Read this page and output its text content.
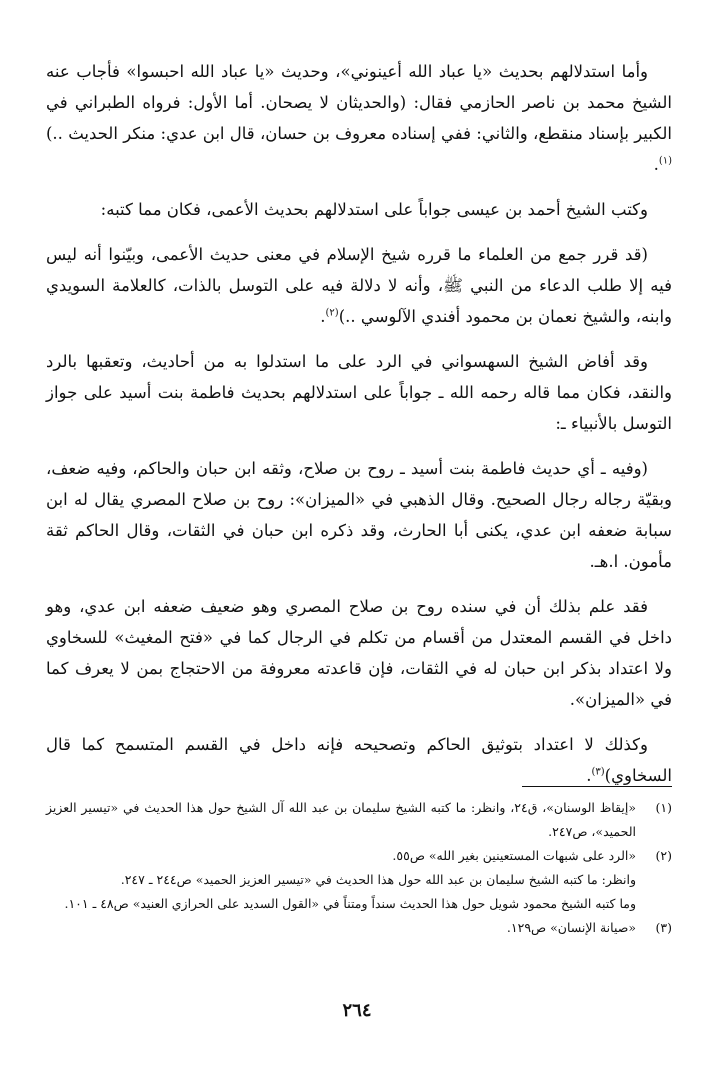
وأما استدلالهم بحديث «يا عباد الله أعينوني»، وحديث «يا عباد الله احبسوا» فأجاب عنه الشيخ محمد بن ناصر الحازمي فقال: (والحديثان لا يصحان. أما الأول: فرواه الطبراني في الكبير بإسناد منقطع، والثاني: ففي إسناده معروف بن حسان، قال ابن عدي: منكر الحديث ..)$^{(١)}$.

وكتب الشيخ أحمد بن عيسى جواباً على استدلالهم بحديث الأعمى، فكان مما كتبه:

(قد قرر جمع من العلماء ما قرره شيخ الإسلام في معنى حديث الأعمى، وبيّنوا أنه ليس فيه إلا طلب الدعاء من النبي ﷺ، وأنه لا دلالة فيه على التوسل بالذات، كالعلامة السويدي وابنه، والشيخ نعمان بن محمود أفندي الآلوسي ..)$^{(٢)}$.

وقد أفاض الشيخ السهسواني في الرد على ما استدلوا به من أحاديث، وتعقبها بالرد والنقد، فكان مما قاله رحمه الله ـ جواباً على استدلالهم بحديث فاطمة بنت أسيد على جواز التوسل بالأنبياء ـ:

(وفيه ـ أي حديث فاطمة بنت أسيد ـ روح بن صلاح، وثقه ابن حبان والحاكم، وفيه ضعف، وبقيّة رجاله رجال الصحيح. وقال الذهبي في «الميزان»: روح بن صلاح المصري يقال له ابن سبابة ضعفه ابن عدي، يكنى أبا الحارث، وقد ذكره ابن حبان في الثقات، وقال الحاكم ثقة مأمون. ا.هـ.

فقد علم بذلك أن في سنده روح بن صلاح المصري وهو ضعيف ضعفه ابن عدي، وهو داخل في القسم المعتدل من أقسام من تكلم في الرجال كما في «فتح المغيث» للسخاوي ولا اعتداد بذكر ابن حبان له في الثقات، فإن قاعدته معروفة من الاحتجاج بمن لا يعرف كما في «الميزان».

وكذلك لا اعتداد بتوثيق الحاكم وتصحيحه فإنه داخل في القسم المتسمح كما قال السخاوي)$^{(٣)}$.

(١)
«إيقاظ الوسنان»، ق٢٤، وانظر: ما كتبه الشيخ سليمان بن عبد الله آل الشيخ حول هذا الحديث في «تيسير العزيز الحميد»، ص٢٤٧.
(٢)
«الرد على شبهات المستعينين بغير الله» ص٥٥.
وانظر: ما كتبه الشيخ سليمان بن عبد الله حول هذا الحديث في «تيسير العزيز الحميد» ص٢٤٤ ـ ٢٤٧.
وما كتبه الشيخ محمود شويل حول هذا الحديث سنداً ومتناً في «القول السديد على الحرازي العنيد» ص٤٨ ـ ١٠١.
(٣)
«صيانة الإنسان» ص١٢٩.
٢٦٤
